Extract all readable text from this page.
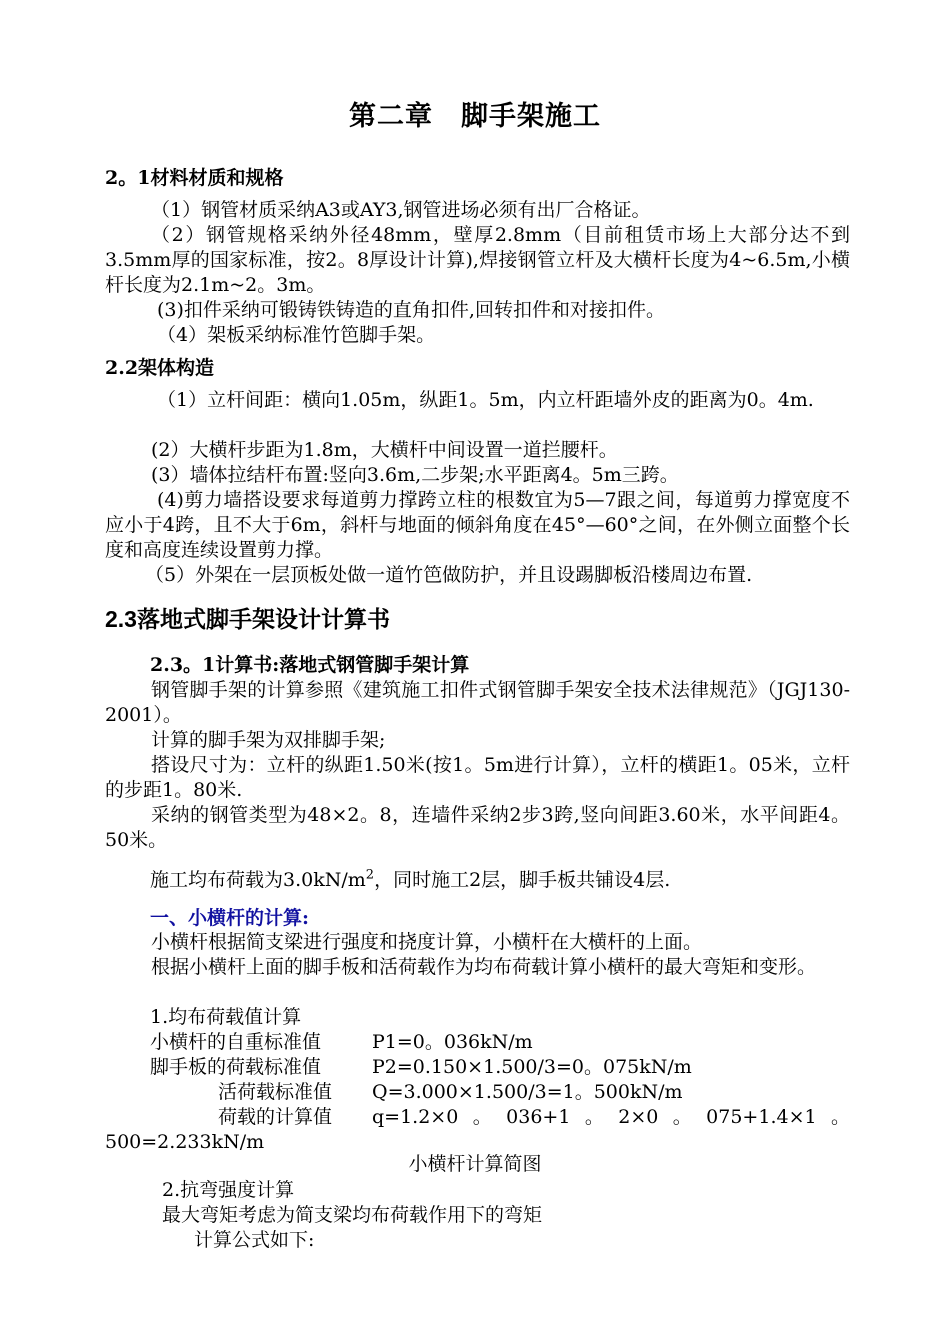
第二章　脚手架施工
2。1材料材质和规格
（1）钢管材质采纳A3或AY3,钢管进场必须有出厂合格证。
（2）钢管规格采纳外径48mm，壁厚2.8mm（目前租赁市场上大部分达不到3.5mm厚的国家标准，按2。8厚设计计算),焊接钢管立杆及大横杆长度为4~6.5m,小横杆长度为2.1m~2。3m。
(3)扣件采纳可锻铸铁铸造的直角扣件,回转扣件和对接扣件。
（4）架板采纳标准竹笆脚手架。
2.2架体构造
（1）立杆间距：横向1.05m，纵距1。5m，内立杆距墙外皮的距离为0。4m.
(2）大横杆步距为1.8m，大横杆中间设置一道拦腰杆。
(3）墙体拉结杆布置:竖向3.6m,二步架;水平距离4。5m三跨。
(4)剪力墙搭设要求每道剪力撑跨立柱的根数宜为5—7跟之间，每道剪力撑宽度不应小于4跨，且不大于6m，斜杆与地面的倾斜角度在45°—60°之间，在外侧立面整个长度和高度连续设置剪力撑。
（5）外架在一层顶板处做一道竹笆做防护，并且设踢脚板沿楼周边布置.
2.3落地式脚手架设计计算书
2.3。1计算书:落地式钢管脚手架计算
钢管脚手架的计算参照《建筑施工扣件式钢管脚手架安全技术法律规范》（JGJ130-2001）。
计算的脚手架为双排脚手架;
搭设尺寸为：立杆的纵距1.50米(按1。5m进行计算），立杆的横距1。05米，立杆的步距1。80米.
采纳的钢管类型为48×2。8，连墙件采纳2步3跨,竖向间距3.60米，水平间距4。50米。
施工均布荷载为$3.0kN/m^2$，同时施工2层，脚手板共铺设4层.
一、小横杆的计算:
小横杆根据简支梁进行强度和挠度计算，小横杆在大横杆的上面。
根据小横杆上面的脚手板和活荷载作为均布荷载计算小横杆的最大弯矩和变形。
1.均布荷载值计算
小横杆的自重标准值	P1=0。036kN/m
脚手板的荷载标准值	P2=0.150×1.500/3=0。075kN/m
活荷载标准值 Q=3.000×1.500/3=1。500kN/m
荷载的计算值	q=1.2×0。036+1。2×0。075+1.4×1。500=2.233kN/m
小横杆计算简图
2.抗弯强度计算
最大弯矩考虑为简支梁均布荷载作用下的弯矩
计算公式如下:
